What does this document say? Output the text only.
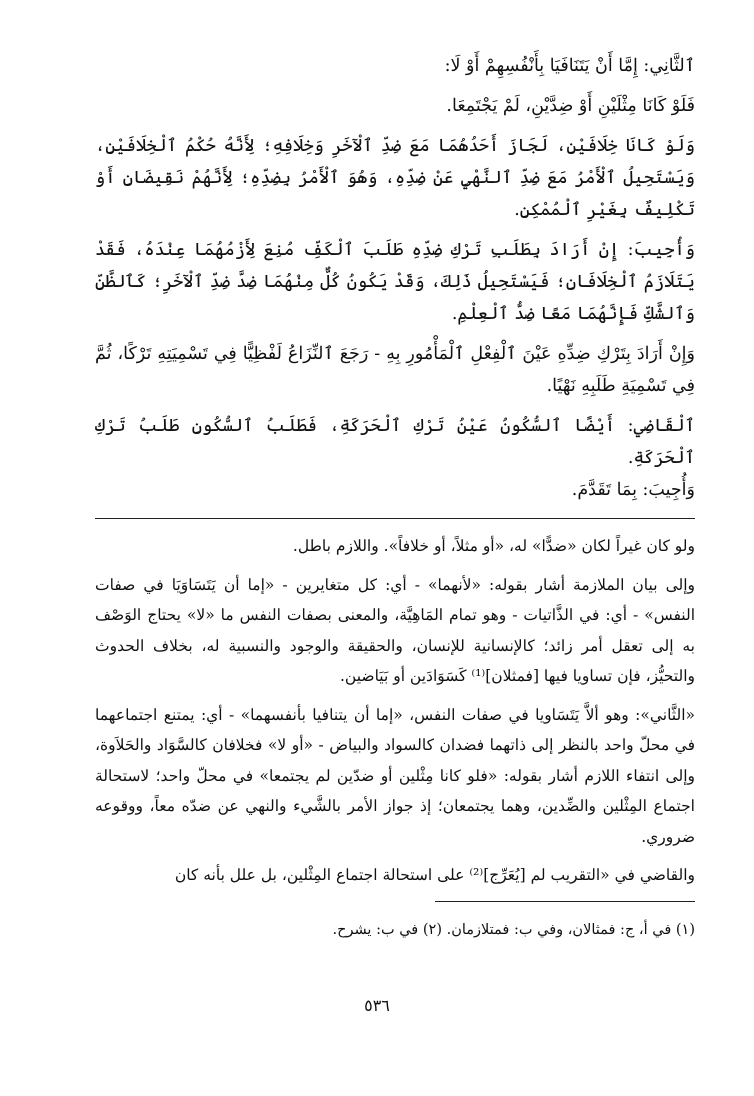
ٱلثَّانِي: إِمَّا أَنْ يَتَنَافَيَا بِأَنْفُسِهِمْ أَوْ لَا:

فَلَوْ كَانَا مِثْلَيْنِ أَوْ ضِدَّيْنِ، لَمْ يَجْتَمِعَا.

وَلَوْ كَانَا خِلَافَيْنِ، لَجَازَ أَحَدُهُمَا مَعَ ضِدِّ ٱلْآخَرِ وَخِلَافِهِ؛ لِأَنَّهُ حُكْمُ ٱلْخِلَافَيْنِ، وَيَسْتَحِيلُ ٱلْأَمْرُ مَعَ ضِدِّ ٱلنَّهْيِ عَنْ ضِدِّهِ، وَهُوَ ٱلْأَمْرُ بِضِدِّهِ؛ لِأَنَّهُمْ نَقِيضَانِ أَوْ تَكْلِيفٌ بِغَيْرِ ٱلْمُمْكِنِ.

وَأُجِيبَ: إِنْ أَرَادَ بِطَلَبِ تَرْكِ ضِدِّهِ طَلَبَ ٱلْكَفِّ مُنِعَ لِأَزْمُهُمَا عِنْدَهُ، فَقَدْ يَتَلَازَمُ ٱلْخِلَافَانِ؛ فَيَسْتَحِيلُ ذَلِكَ، وَقَدْ يَكُونُ كُلٌّ مِنْهُمَا ضِدَّ ضِدِّ ٱلْآخَرِ؛ كَٱلظَّنِّ وَٱلشَّكِّ فَإِنَّهُمَا مَعًا ضِدُّ ٱلْعِلْمِ.

وَإِنْ أَرَادَ بِتَرْكِ ضِدِّهِ عَيْنَ ٱلْفِعْلِ ٱلْمَأْمُورِ بِهِ - رَجَعَ ٱلنِّزَاعُ لَفْظِيًّا فِي تَسْمِيَتِهِ تَرْكًا، ثُمَّ فِي تَسْمِيَةِ طَلَبِهِ نَهْيًا.

ٱلْقَاضِي: أَيْضًا ٱلسُّكُونُ عَيْنُ تَرْكِ ٱلْحَرَكَةِ، فَطَلَبُ ٱلسُّكُونِ طَلَبُ تَرْكِ ٱلْحَرَكَةِ.

وَأُجِيبَ: بِمَا تَقَدَّمَ.

ولو كان غيراً لكان «ضدًّا» له، «أو مثلاً، أو خلافاً». واللازم باطل.

وإلى بيان الملازمة أشار بقوله: «لأنهما» - أي: كل متغايرين - «إما أن يَتَسَاوَيَا في صفات النفس» - أي: في الذَّاتيات - وهو تمام المَاهِيَّة، والمعنى بصفات النفس ما «لا» يحتاج الوَصْف به إلى تعقل أمر زائد؛ كالإنسانية للإنسان، والحقيقة والوجود والنسبية له، بخلاف الحدوث والتحيُّز، فإن تساويا فيها [فمثلان]⁽¹⁾ كَسَوَادَين أو بَيَاضين.

«الثَّاني»: وهو ألاَّ يَتَسَاويا في صفات النفس، «إما أن يتنافيا بأنفسهما» - أي: يمتنع اجتماعهما في محلّ واحد بالنظر إلى ذاتهما فضدان كالسواد والبياض - «أو لا» فخلافان كالسَّوَاد والحَلاَوة، وإلى انتفاء اللازم أشار بقوله: «فلو كانا مِثْلين أو ضدّين لم يجتمعا» في محلّ واحد؛ لاستحالة اجتماع المِثْلين والضِّدين، وهما يجتمعان؛ إذ جواز الأمر بالشَّيء والنهي عن ضدّه معاً، ووقوعه ضروري.

والقاضي في «التقريب لم [يُعَرِّج]⁽²⁾ على استحالة اجتماع المِثْلين، بل علل بأنه كان

(١) في أ، ج: فمثالان، وفي ب: فمتلازمان. (٢) في ب: يشرح.

٥٣٦
